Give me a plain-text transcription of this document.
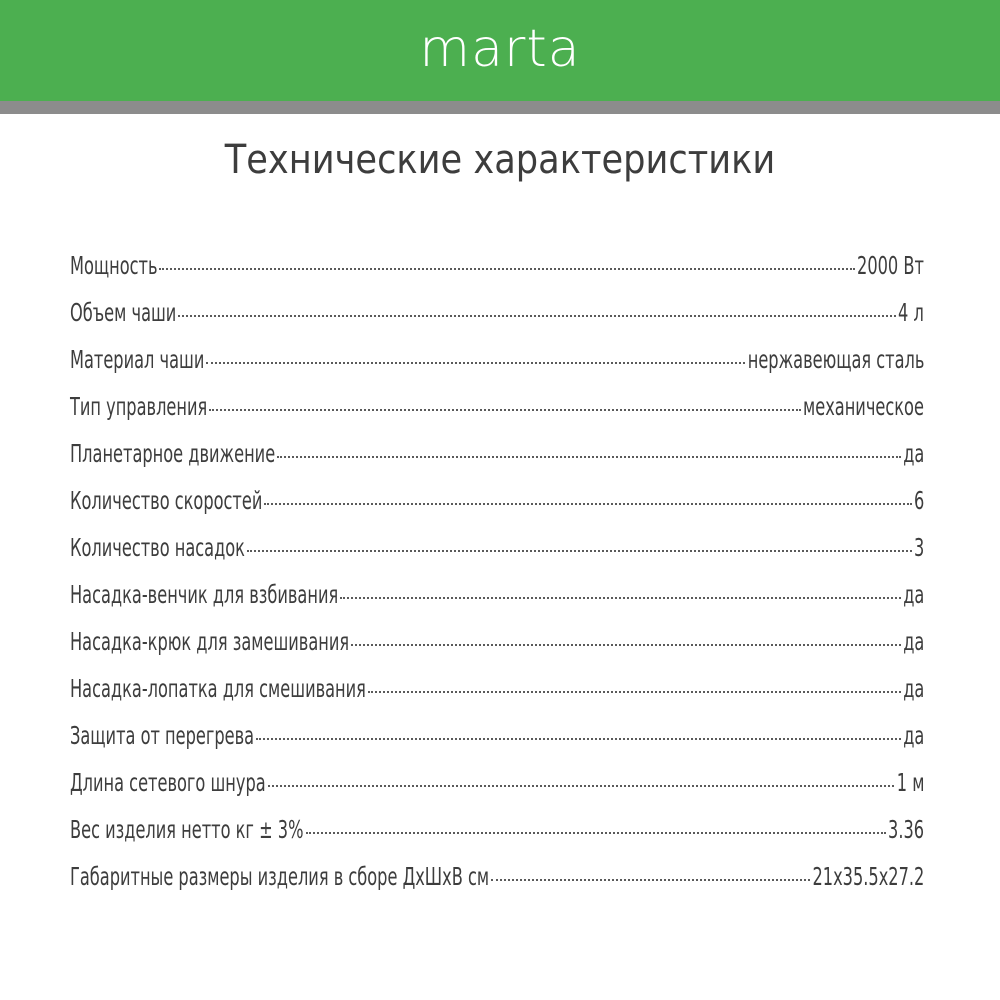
marta
Технические характеристики
Мощность	2000 Вт
Объем чаши	4 л
Материал чаши	нержавеющая сталь
Тип управления	механическое
Планетарное движение	да
Количество скоростей	6
Количество насадок	3
Насадка-венчик для взбивания	да
Насадка-крюк для замешивания	да
Насадка-лопатка для смешивания	да
Защита от перегрева	да
Длина сетевого шнура	1 м
Вес изделия нетто кг ± 3%	3.36
Габаритные размеры изделия в сборе ДхШхВ см	21x35.5x27.2
